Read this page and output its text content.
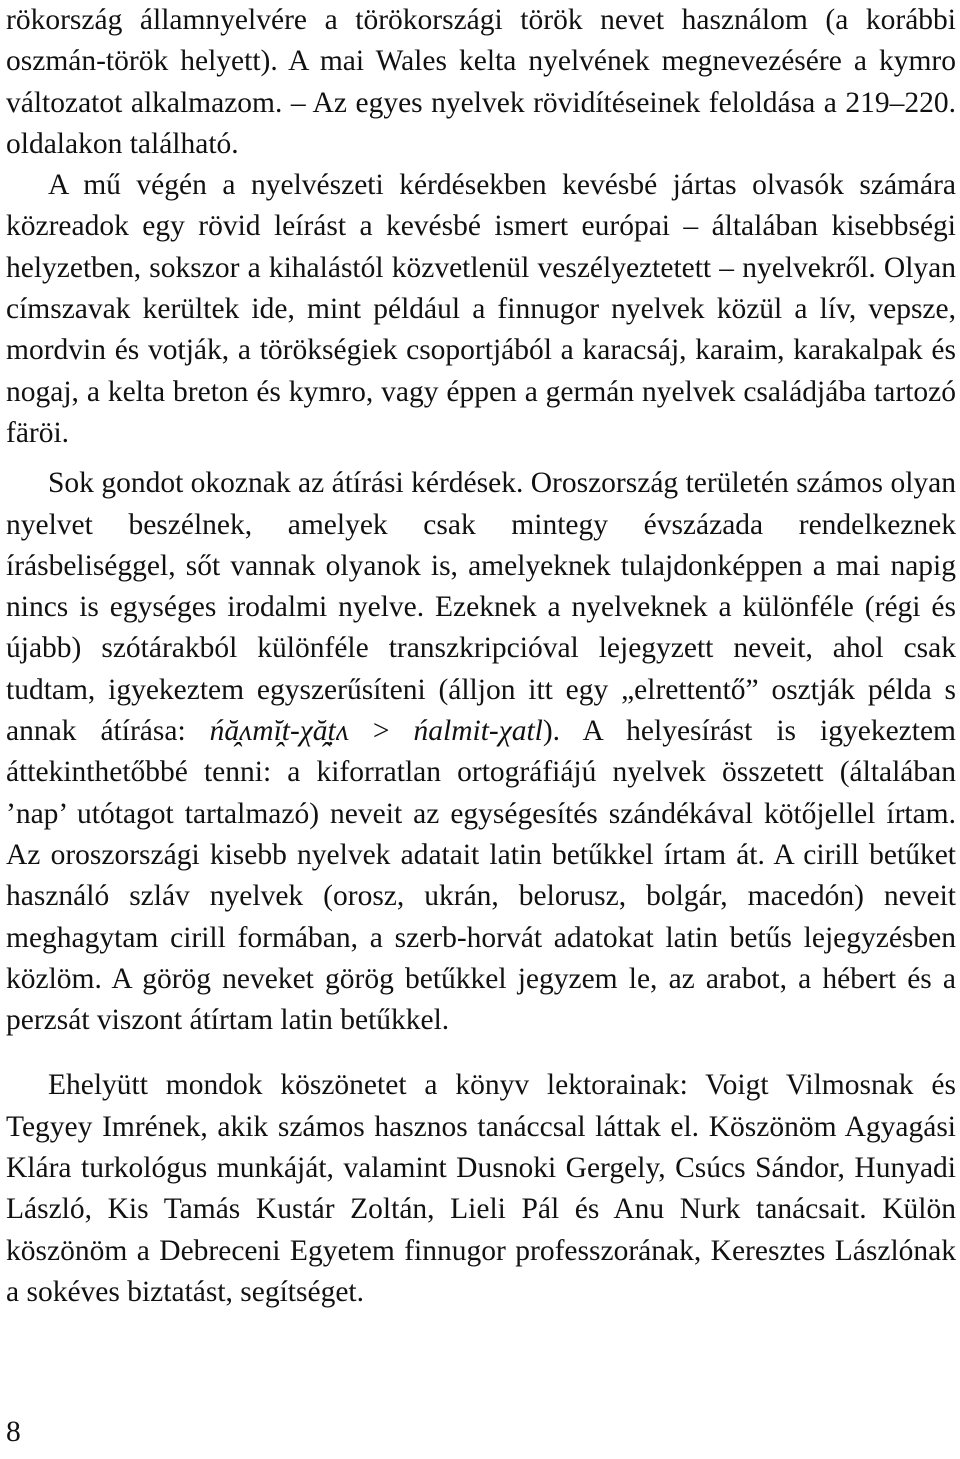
rökország államnyelvére a törökországi török nevet használom (a korábbi oszmán-török helyett). A mai Wales kelta nyelvének megnevezésére a kymro változatot alkalmazom. – Az egyes nyelvek rövidítéseinek feloldása a 219–220. oldalakon található.

A mű végén a nyelvészeti kérdésekben kevésbé jártas olvasók számára közreadok egy rövid leírást a kevésbé ismert európai – általában kisebbségi helyzetben, sokszor a kihalástól közvetlenül veszélyeztetett – nyelvekről. Olyan címszavak kerültek ide, mint például a finnugor nyelvek közül a lív, vepsze, mordvin és votják, a törökségiek csoportjából a karacsáj, karaim, karakalpak és nogaj, a kelta breton és kymro, vagy éppen a germán nyelvek családjába tartozó färöi.

Sok gondot okoznak az átírási kérdések. Oroszország területén számos olyan nyelvet beszélnek, amelyek csak mintegy évszázada rendelkeznek írásbeliséggel, sőt vannak olyanok is, amelyeknek tulajdonképpen a mai napig nincs is egységes irodalmi nyelve. Ezeknek a nyelveknek a különféle (régi és újabb) szótárakból különféle transzkripcióval lejegyzett neveit, ahol csak tudtam, igyekeztem egyszerűsíteni (álljon itt egy „elrettentő” osztják példa s annak átírása: ńă̭ʌmĭ̭t-χă̭ṭʌ > ńalmit-χatl). A helyesírást is igyekeztem áttekinthetőbbé tenni: a kiforratlan ortográfiájú nyelvek összetett (általában ’nap’ utótagot tartalmazó) neveit az egységesítés szándékával kötőjellel írtam. Az oroszországi kisebb nyelvek adatait latin betűkkel írtam át. A cirill betűket használó szláv nyelvek (orosz, ukrán, belorusz, bolgár, macedón) neveit meghagytam cirill formában, a szerb-horvát adatokat latin betűs lejegyzésben közlöm. A görög neveket görög betűkkel jegyzem le, az arabot, a hébert és a perzsát viszont átírtam latin betűkkel.

Ehelyütt mondok köszönetet a könyv lektorainak: Voigt Vilmosnak és Tegyey Imrének, akik számos hasznos tanáccsal láttak el. Köszönöm Agyagási Klára turkológus munkáját, valamint Dusnoki Gergely, Csúcs Sándor, Hunyadi László, Kis Tamás Kustár Zoltán, Lieli Pál és Anu Nurk tanácsait. Külön köszönöm a Debreceni Egyetem finnugor professzorának, Keresztes Lászlónak a sokéves biztatást, segítséget.

8
